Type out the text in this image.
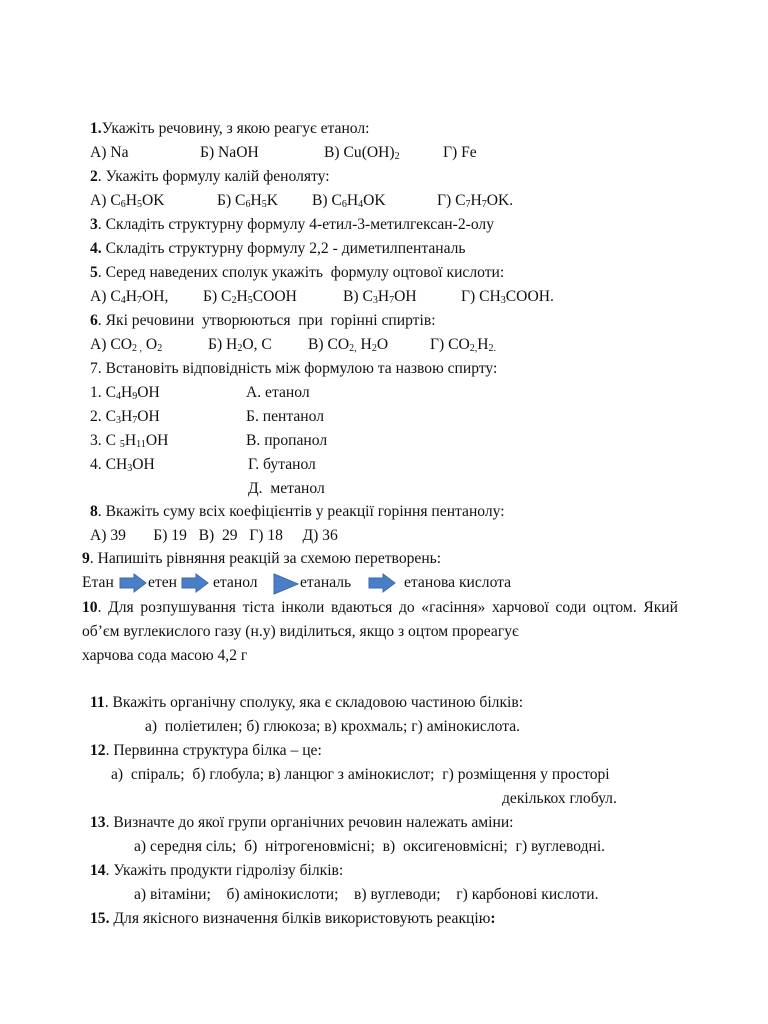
1.Укажіть речовину, з якою реагує етанол:
А) Na	Б) NaOH	В) $Cu(OH)_2$	Г) Fe
2. Укажіть формулу калій феноляту:
А) $C_6H_5OK$	Б) $C_6H_5K$ В) $C_6H_4OK$	Г) $C_7H_7OK$.
3. Складіть структурну формулу 4-етил-3-метилгексан-2-олу
4. Складіть структурну формулу 2,2 - диметилпентаналь
5. Серед наведених сполук укажіть  формулу оцтової кислоти:
А) $C_4H_7OH$, Б) $C_2H_5COOH$	В) $C_3H_7OH$	Г) $CH_3COOH$.
6. Які речовини  утворюються  при  горінні спиртів:
А) $CO_{2 ,}$ $O_2$	Б) $H_2O$, C В) $CO_{2,}$ $H_2O$	Г) $CO_{2,}H_{2.}$
7. Встановіть відповідність між формулою та назвою спирту:
1. $C_4H_9OH$
2. $C_3H_7OH$
3. C $_5H_{11}OH$
4. $CH_3OH$
А. етанол
Б. пентанол
В. пропанол
Г. бутанол
Д.  метанол
8. Вкажіть суму всіх коефіцієнтів у реакції горіння пентанолу:
А) 39       Б) 19   В)  29   Г) 18     Д) 36
9. Напишіть рівняння реакцій за схемою перетворень:
Етан етен етанол	етаналь	етанова кислота
10. Для розпушування тіста інколи вдаються до «гасіння» харчової соди оцтом. Який об’єм вуглекислого газу (н.у) виділиться, якщо з оцтом прореагує
харчова сода масою 4,2 г
11. Вкажіть органічну сполуку, яка є складовою частиною білків:
а)  поліетилен; б) глюкоза; в) крохмаль; г) амінокислота.
12. Первинна структура білка – це:
а)  спіраль;  б) глобула; в) ланцюг з амінокислот;  г) розміщення у просторі
декількох глобул.
13. Визначте до якої групи органічних речовин належать аміни:
а) середня сіль;  б)  нітрогеновмісні;  в)  оксигеновмісні;  г) вуглеводні.
14. Укажіть продукти гідролізу білків:
а) вітаміни;    б) амінокислоти;    в) вуглеводи;    г) карбонові кислоти.
15. Для якісного визначення білків використовують реакцію:
